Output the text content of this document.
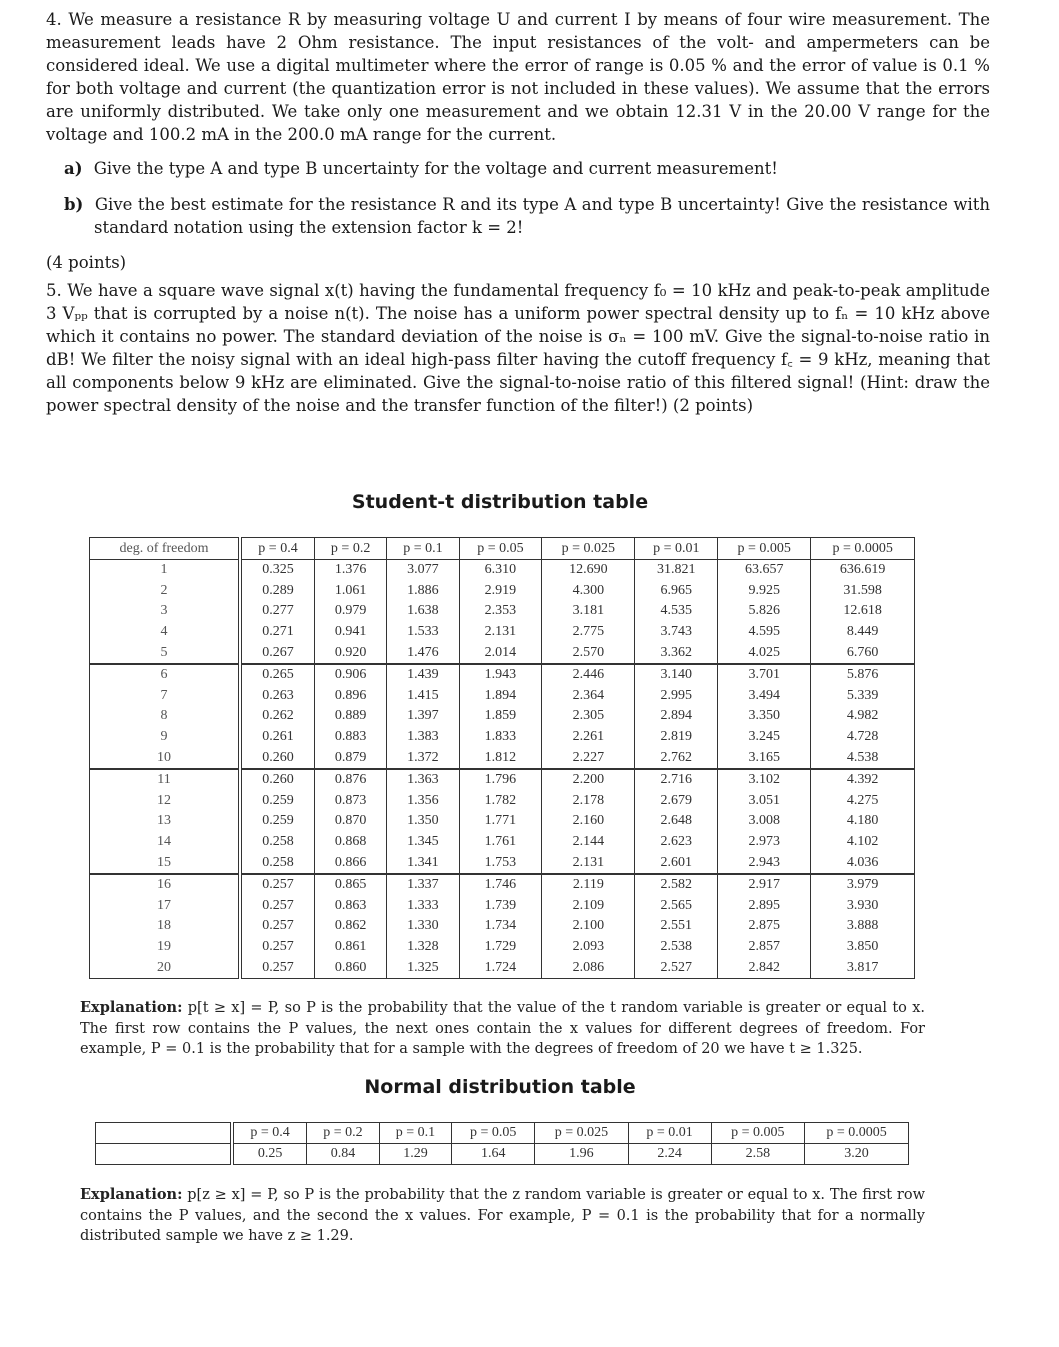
4. We measure a resistance R by measuring voltage U and current I by means of four wire measurement. The measurement leads have 2 Ohm resistance. The input resistances of the volt- and ampermeters can be considered ideal. We use a digital multimeter where the error of range is 0.05 % and the error of value is 0.1 % for both voltage and current (the quantization error is not included in these values). We assume that the errors are uniformly distributed. We take only one measurement and we obtain 12.31 V in the 20.00 V range for the voltage and 100.2 mA in the 200.0 mA range for the current.
a) Give the type A and type B uncertainty for the voltage and current measurement!
b) Give the best estimate for the resistance R and its type A and type B uncertainty! Give the resistance with standard notation using the extension factor k = 2!
(4 points)
5. We have a square wave signal x(t) having the fundamental frequency f₀ = 10 kHz and peak-to-peak amplitude 3 Vₚₚ that is corrupted by a noise n(t). The noise has a uniform power spectral density up to fₙ = 10 kHz above which it contains no power. The standard deviation of the noise is σₙ = 100 mV. Give the signal-to-noise ratio in dB! We filter the noisy signal with an ideal high-pass filter having the cutoff frequency f꜀ = 9 kHz, meaning that all components below 9 kHz are eliminated. Give the signal-to-noise ratio of this filtered signal! (Hint: draw the power spectral density of the noise and the transfer function of the filter!) (2 points)
Student-t distribution table
deg. of freedom	p = 0.4	p = 0.2	p = 0.1	p = 0.05	p = 0.025	p = 0.01	p = 0.005	p = 0.0005
1	0.325	1.376	3.077	6.310	12.690	31.821	63.657	636.619
2	0.289	1.061	1.886	2.919	4.300	6.965	9.925	31.598
3	0.277	0.979	1.638	2.353	3.181	4.535	5.826	12.618
4	0.271	0.941	1.533	2.131	2.775	3.743	4.595	8.449
5	0.267	0.920	1.476	2.014	2.570	3.362	4.025	6.760
6	0.265	0.906	1.439	1.943	2.446	3.140	3.701	5.876
7	0.263	0.896	1.415	1.894	2.364	2.995	3.494	5.339
8	0.262	0.889	1.397	1.859	2.305	2.894	3.350	4.982
9	0.261	0.883	1.383	1.833	2.261	2.819	3.245	4.728
10	0.260	0.879	1.372	1.812	2.227	2.762	3.165	4.538
11	0.260	0.876	1.363	1.796	2.200	2.716	3.102	4.392
12	0.259	0.873	1.356	1.782	2.178	2.679	3.051	4.275
13	0.259	0.870	1.350	1.771	2.160	2.648	3.008	4.180
14	0.258	0.868	1.345	1.761	2.144	2.623	2.973	4.102
15	0.258	0.866	1.341	1.753	2.131	2.601	2.943	4.036
16	0.257	0.865	1.337	1.746	2.119	2.582	2.917	3.979
17	0.257	0.863	1.333	1.739	2.109	2.565	2.895	3.930
18	0.257	0.862	1.330	1.734	2.100	2.551	2.875	3.888
19	0.257	0.861	1.328	1.729	2.093	2.538	2.857	3.850
20	0.257	0.860	1.325	1.724	2.086	2.527	2.842	3.817
Explanation: p[t ≥ x] = P, so P is the probability that the value of the t random variable is greater or equal to x. The first row contains the P values, the next ones contain the x values for different degrees of freedom. For example, P = 0.1 is the probability that for a sample with the degrees of freedom of 20 we have t ≥ 1.325.
Normal distribution table
	p = 0.4	p = 0.2	p = 0.1	p = 0.05	p = 0.025	p = 0.01	p = 0.005	p = 0.0005
	0.25	0.84	1.29	1.64	1.96	2.24	2.58	3.20
Explanation: p[z ≥ x] = P, so P is the probability that the z random variable is greater or equal to x. The first row contains the P values, and the second the x values. For example, P = 0.1 is the probability that for a normally distributed sample we have z ≥ 1.29.
